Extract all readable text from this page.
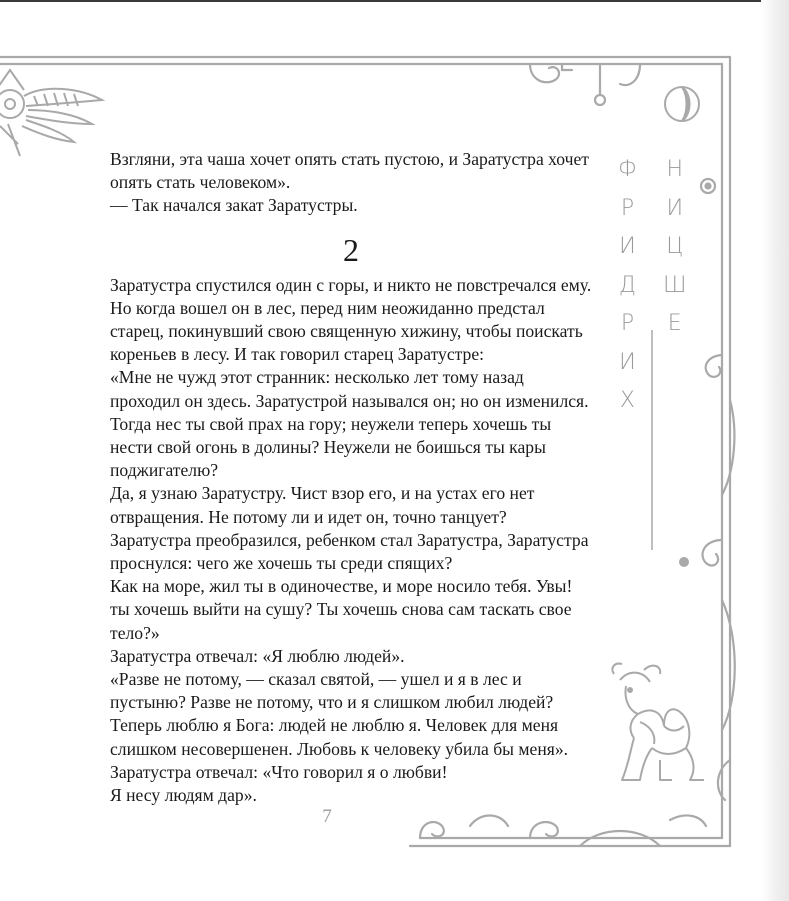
Взгляни, эта чаша хочет опять стать пустою, и Заратустра хочет опять стать человеком».

— Так начался закат Заратустры.

2

Заратустра спустился один с горы, и никто не повстречался ему. Но когда вошел он в лес, перед ним неожиданно предстал старец, покинувший свою священную хижину, чтобы поискать кореньев в лесу. И так говорил старец Заратустре:

«Мне не чужд этот странник: несколько лет тому назад проходил он здесь. Заратустрой назывался он; но он изменился.

Тогда нес ты свой прах на гору; неужели теперь хочешь ты нести свой огонь в долины? Неужели не боишься ты кары поджигателю?

Да, я узнаю Заратустру. Чист взор его, и на устах его нет отвращения. Не потому ли и идет он, точно танцует?

Заратустра преобразился, ребенком стал Заратустра, Заратустра проснулся: чего же хочешь ты среди спящих?

Как на море, жил ты в одиночестве, и море носило тебя. Увы! ты хочешь выйти на сушу? Ты хочешь снова сам таскать свое тело?»

Заратустра отвечал: «Я люблю людей».

«Разве не потому, — сказал святой, — ушел и я в лес и пустыню? Разве не потому, что и я слишком любил людей?

Теперь люблю я Бога: людей не люблю я. Человек для меня слишком несовершенен. Любовь к человеку убила бы меня».

Заратустра отвечал: «Что говорил я о любви!

Я несу людям дар».

Ф
Р
И
Д
Р
И
Х
Н
И
Ц
Ш
Е
7
